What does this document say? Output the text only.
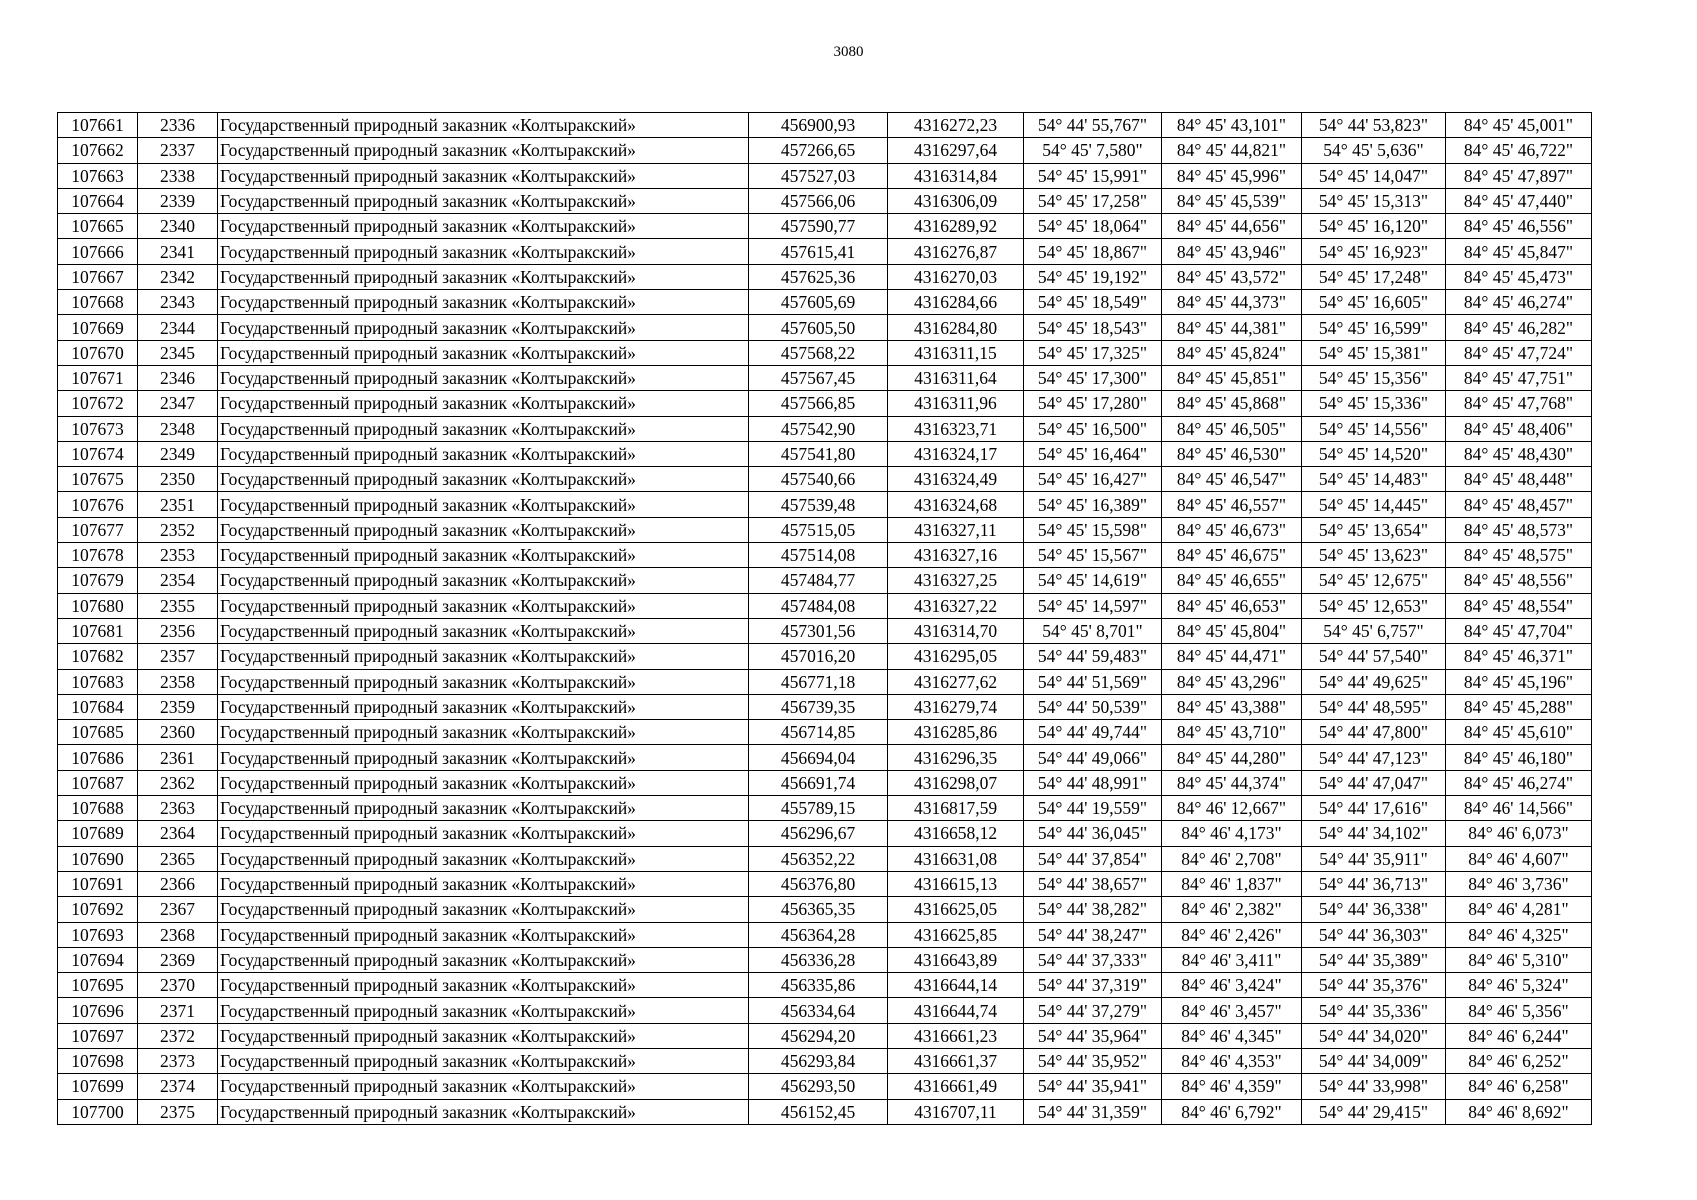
3080
107661	2336	Государственный природный заказник «Колтыракский»	456900,93	4316272,23	54° 44' 55,767"	84° 45' 43,101"	54° 44' 53,823"	84° 45' 45,001"
107662	2337	Государственный природный заказник «Колтыракский»	457266,65	4316297,64	54° 45' 7,580"	84° 45' 44,821"	54° 45' 5,636"	84° 45' 46,722"
107663	2338	Государственный природный заказник «Колтыракский»	457527,03	4316314,84	54° 45' 15,991"	84° 45' 45,996"	54° 45' 14,047"	84° 45' 47,897"
107664	2339	Государственный природный заказник «Колтыракский»	457566,06	4316306,09	54° 45' 17,258"	84° 45' 45,539"	54° 45' 15,313"	84° 45' 47,440"
107665	2340	Государственный природный заказник «Колтыракский»	457590,77	4316289,92	54° 45' 18,064"	84° 45' 44,656"	54° 45' 16,120"	84° 45' 46,556"
107666	2341	Государственный природный заказник «Колтыракский»	457615,41	4316276,87	54° 45' 18,867"	84° 45' 43,946"	54° 45' 16,923"	84° 45' 45,847"
107667	2342	Государственный природный заказник «Колтыракский»	457625,36	4316270,03	54° 45' 19,192"	84° 45' 43,572"	54° 45' 17,248"	84° 45' 45,473"
107668	2343	Государственный природный заказник «Колтыракский»	457605,69	4316284,66	54° 45' 18,549"	84° 45' 44,373"	54° 45' 16,605"	84° 45' 46,274"
107669	2344	Государственный природный заказник «Колтыракский»	457605,50	4316284,80	54° 45' 18,543"	84° 45' 44,381"	54° 45' 16,599"	84° 45' 46,282"
107670	2345	Государственный природный заказник «Колтыракский»	457568,22	4316311,15	54° 45' 17,325"	84° 45' 45,824"	54° 45' 15,381"	84° 45' 47,724"
107671	2346	Государственный природный заказник «Колтыракский»	457567,45	4316311,64	54° 45' 17,300"	84° 45' 45,851"	54° 45' 15,356"	84° 45' 47,751"
107672	2347	Государственный природный заказник «Колтыракский»	457566,85	4316311,96	54° 45' 17,280"	84° 45' 45,868"	54° 45' 15,336"	84° 45' 47,768"
107673	2348	Государственный природный заказник «Колтыракский»	457542,90	4316323,71	54° 45' 16,500"	84° 45' 46,505"	54° 45' 14,556"	84° 45' 48,406"
107674	2349	Государственный природный заказник «Колтыракский»	457541,80	4316324,17	54° 45' 16,464"	84° 45' 46,530"	54° 45' 14,520"	84° 45' 48,430"
107675	2350	Государственный природный заказник «Колтыракский»	457540,66	4316324,49	54° 45' 16,427"	84° 45' 46,547"	54° 45' 14,483"	84° 45' 48,448"
107676	2351	Государственный природный заказник «Колтыракский»	457539,48	4316324,68	54° 45' 16,389"	84° 45' 46,557"	54° 45' 14,445"	84° 45' 48,457"
107677	2352	Государственный природный заказник «Колтыракский»	457515,05	4316327,11	54° 45' 15,598"	84° 45' 46,673"	54° 45' 13,654"	84° 45' 48,573"
107678	2353	Государственный природный заказник «Колтыракский»	457514,08	4316327,16	54° 45' 15,567"	84° 45' 46,675"	54° 45' 13,623"	84° 45' 48,575"
107679	2354	Государственный природный заказник «Колтыракский»	457484,77	4316327,25	54° 45' 14,619"	84° 45' 46,655"	54° 45' 12,675"	84° 45' 48,556"
107680	2355	Государственный природный заказник «Колтыракский»	457484,08	4316327,22	54° 45' 14,597"	84° 45' 46,653"	54° 45' 12,653"	84° 45' 48,554"
107681	2356	Государственный природный заказник «Колтыракский»	457301,56	4316314,70	54° 45' 8,701"	84° 45' 45,804"	54° 45' 6,757"	84° 45' 47,704"
107682	2357	Государственный природный заказник «Колтыракский»	457016,20	4316295,05	54° 44' 59,483"	84° 45' 44,471"	54° 44' 57,540"	84° 45' 46,371"
107683	2358	Государственный природный заказник «Колтыракский»	456771,18	4316277,62	54° 44' 51,569"	84° 45' 43,296"	54° 44' 49,625"	84° 45' 45,196"
107684	2359	Государственный природный заказник «Колтыракский»	456739,35	4316279,74	54° 44' 50,539"	84° 45' 43,388"	54° 44' 48,595"	84° 45' 45,288"
107685	2360	Государственный природный заказник «Колтыракский»	456714,85	4316285,86	54° 44' 49,744"	84° 45' 43,710"	54° 44' 47,800"	84° 45' 45,610"
107686	2361	Государственный природный заказник «Колтыракский»	456694,04	4316296,35	54° 44' 49,066"	84° 45' 44,280"	54° 44' 47,123"	84° 45' 46,180"
107687	2362	Государственный природный заказник «Колтыракский»	456691,74	4316298,07	54° 44' 48,991"	84° 45' 44,374"	54° 44' 47,047"	84° 45' 46,274"
107688	2363	Государственный природный заказник «Колтыракский»	455789,15	4316817,59	54° 44' 19,559"	84° 46' 12,667"	54° 44' 17,616"	84° 46' 14,566"
107689	2364	Государственный природный заказник «Колтыракский»	456296,67	4316658,12	54° 44' 36,045"	84° 46' 4,173"	54° 44' 34,102"	84° 46' 6,073"
107690	2365	Государственный природный заказник «Колтыракский»	456352,22	4316631,08	54° 44' 37,854"	84° 46' 2,708"	54° 44' 35,911"	84° 46' 4,607"
107691	2366	Государственный природный заказник «Колтыракский»	456376,80	4316615,13	54° 44' 38,657"	84° 46' 1,837"	54° 44' 36,713"	84° 46' 3,736"
107692	2367	Государственный природный заказник «Колтыракский»	456365,35	4316625,05	54° 44' 38,282"	84° 46' 2,382"	54° 44' 36,338"	84° 46' 4,281"
107693	2368	Государственный природный заказник «Колтыракский»	456364,28	4316625,85	54° 44' 38,247"	84° 46' 2,426"	54° 44' 36,303"	84° 46' 4,325"
107694	2369	Государственный природный заказник «Колтыракский»	456336,28	4316643,89	54° 44' 37,333"	84° 46' 3,411"	54° 44' 35,389"	84° 46' 5,310"
107695	2370	Государственный природный заказник «Колтыракский»	456335,86	4316644,14	54° 44' 37,319"	84° 46' 3,424"	54° 44' 35,376"	84° 46' 5,324"
107696	2371	Государственный природный заказник «Колтыракский»	456334,64	4316644,74	54° 44' 37,279"	84° 46' 3,457"	54° 44' 35,336"	84° 46' 5,356"
107697	2372	Государственный природный заказник «Колтыракский»	456294,20	4316661,23	54° 44' 35,964"	84° 46' 4,345"	54° 44' 34,020"	84° 46' 6,244"
107698	2373	Государственный природный заказник «Колтыракский»	456293,84	4316661,37	54° 44' 35,952"	84° 46' 4,353"	54° 44' 34,009"	84° 46' 6,252"
107699	2374	Государственный природный заказник «Колтыракский»	456293,50	4316661,49	54° 44' 35,941"	84° 46' 4,359"	54° 44' 33,998"	84° 46' 6,258"
107700	2375	Государственный природный заказник «Колтыракский»	456152,45	4316707,11	54° 44' 31,359"	84° 46' 6,792"	54° 44' 29,415"	84° 46' 8,692"
